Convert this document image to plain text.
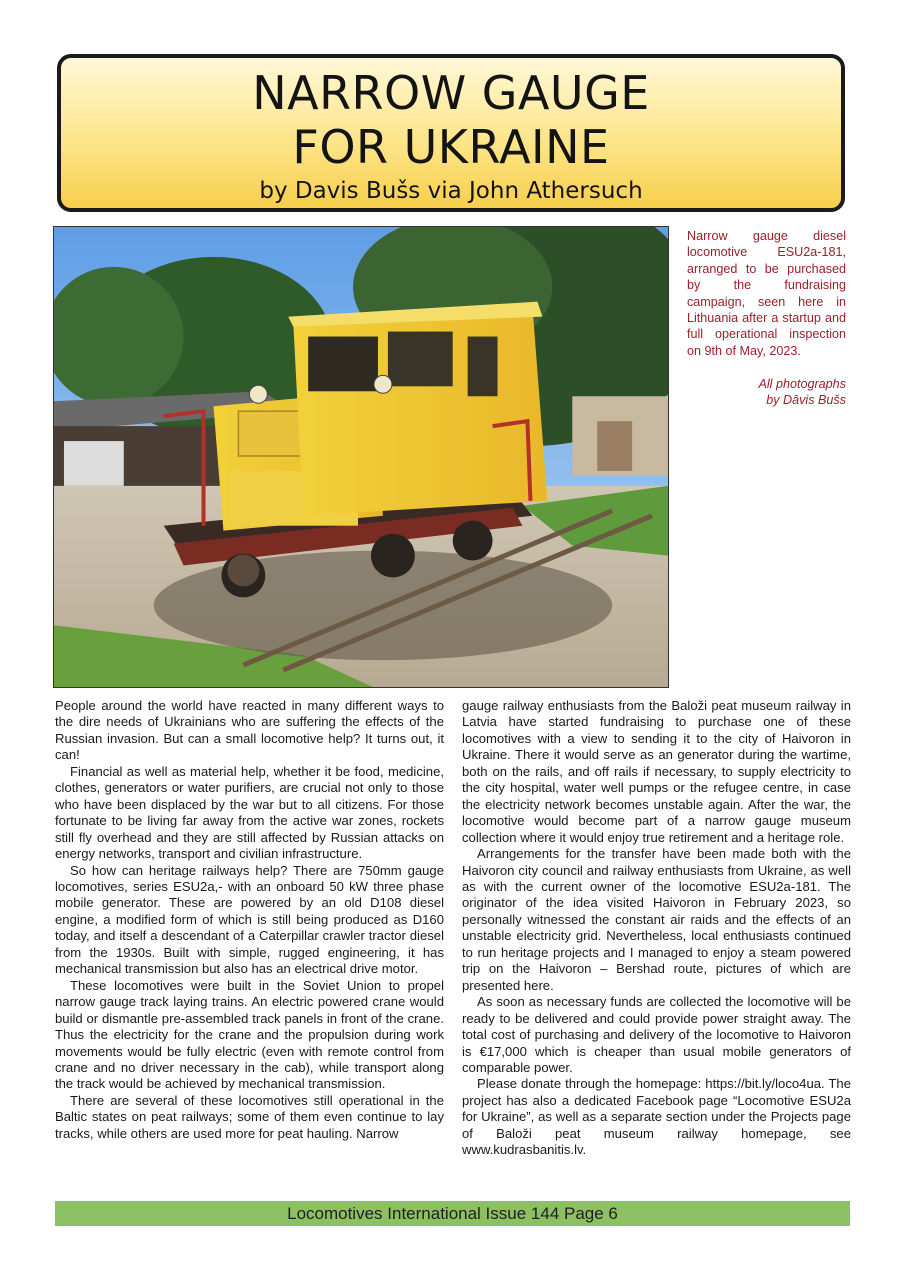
NARROW GAUGE
FOR UKRAINE
by Davis Bušs via John Athersuch
Narrow gauge diesel locomotive ESU2a-181, arranged to be purchased by the fundraising campaign, seen here in Lithuania after a startup and full operational inspection on 9th of May, 2023.
All photographs
by Dāvis Bušs

People around the world have reacted in many different ways to the dire needs of Ukrainians who are suffering the effects of the Russian invasion. But can a small locomotive help? It turns out, it can!

Financial as well as material help, whether it be food, medicine, clothes, generators or water purifiers, are crucial not only to those who have been displaced by the war but to all citizens. For those fortunate to be living far away from the active war zones, rockets still fly overhead and they are still affected by Russian attacks on energy networks, transport and civilian infrastructure.

So how can heritage railways help? There are 750mm gauge locomotives, series ESU2a,- with an onboard 50 kW three phase mobile generator. These are powered by an old D108 diesel engine, a modified form of which is still being produced as D160 today, and itself a descendant of a Caterpillar crawler tractor diesel from the 1930s. Built with simple, rugged engineering, it has mechanical transmission but also has an electrical drive motor.

These locomotives were built in the Soviet Union to propel narrow gauge track laying trains. An electric powered crane would build or dismantle pre-assembled track panels in front of the crane. Thus the electricity for the crane and the propulsion during work movements would be fully electric (even with remote control from crane and no driver necessary in the cab), while transport along the track would be achieved by mechanical transmission.

There are several of these locomotives still operational in the Baltic states on peat railways; some of them even continue to lay tracks, while others are used more for peat hauling. Narrow

gauge railway enthusiasts from the Baloži peat museum railway in Latvia have started fundraising to purchase one of these locomotives with a view to sending it to the city of Haivoron in Ukraine. There it would serve as an generator during the wartime, both on the rails, and off rails if necessary, to supply electricity to the city hospital, water well pumps or the refugee centre, in case the electricity network becomes unstable again. After the war, the locomotive would become part of a narrow gauge museum collection where it would enjoy true retirement and a heritage role.

Arrangements for the transfer have been made both with the Haivoron city council and railway enthusiasts from Ukraine, as well as with the current owner of the locomotive ESU2a-181. The originator of the idea visited Haivoron in February 2023, so personally witnessed the constant air raids and the effects of an unstable electricity grid. Nevertheless, local enthusiasts continued to run heritage projects and I managed to enjoy a steam powered trip on the Haivoron – Bershad route, pictures of which are presented here.

As soon as necessary funds are collected the locomotive will be ready to be delivered and could provide power straight away. The total cost of purchasing and delivery of the locomotive to Haivoron is €17,000 which is cheaper than usual mobile generators of comparable power.

Please donate through the homepage: https://bit.ly/loco4ua. The project has also a dedicated Facebook page “Locomotive ESU2a for Ukraine”, as well as a separate section under the Projects page of Baloži peat museum railway homepage, see www.kudrasbanitis.lv.

Locomotives International Issue 144 Page 6
